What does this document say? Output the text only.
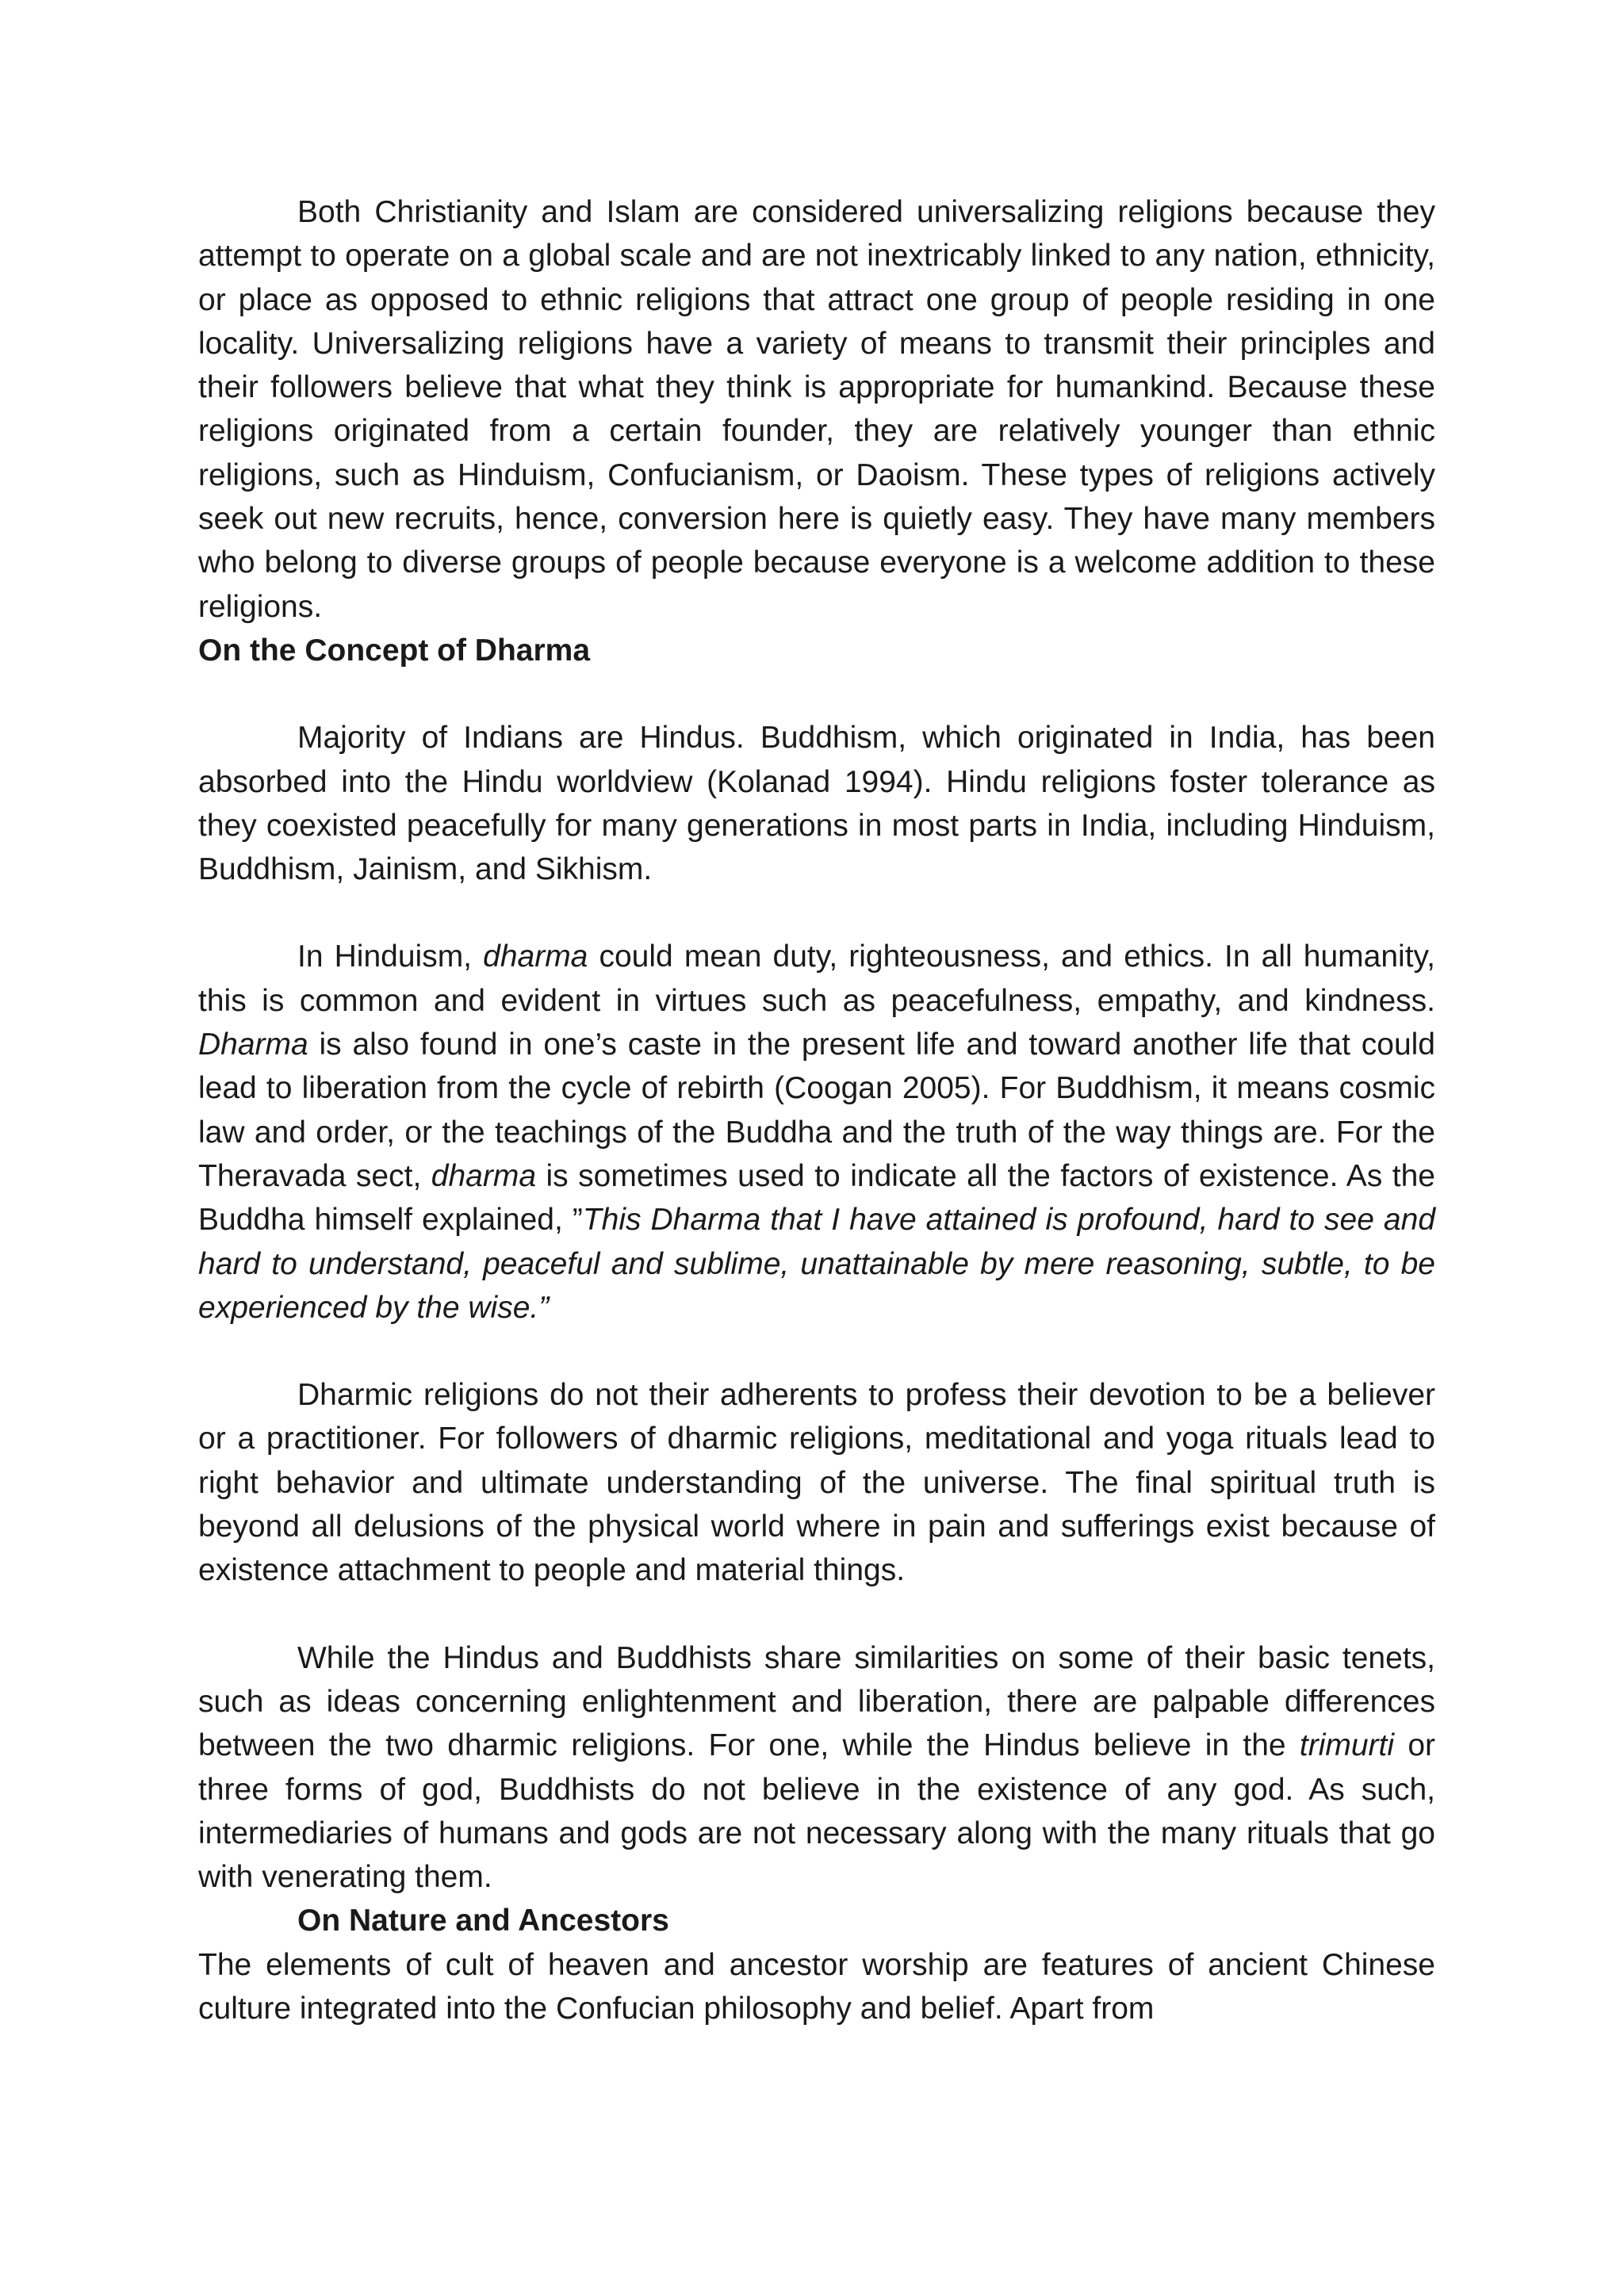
Both Christianity and Islam are considered universalizing religions because they attempt to operate on a global scale and are not inextricably linked to any nation, ethnicity, or place as opposed to ethnic religions that attract one group of people residing in one locality. Universalizing religions have a variety of means to transmit their principles and their followers believe that what they think is appropriate for humankind. Because these religions originated from a certain founder, they are relatively younger than ethnic religions, such as Hinduism, Confucianism, or Daoism. These types of religions actively seek out new recruits, hence, conversion here is quietly easy. They have many members who belong to diverse groups of people because everyone is a welcome addition to these religions.

On the Concept of Dharma

Majority of Indians are Hindus. Buddhism, which originated in India, has been absorbed into the Hindu worldview (Kolanad 1994). Hindu religions foster tolerance as they coexisted peacefully for many generations in most parts in India, including Hinduism, Buddhism, Jainism, and Sikhism.

In Hinduism, dharma could mean duty, righteousness, and ethics. In all humanity, this is common and evident in virtues such as peacefulness, empathy, and kindness. Dharma is also found in one’s caste in the present life and toward another life that could lead to liberation from the cycle of rebirth (Coogan 2005). For Buddhism, it means cosmic law and order, or the teachings of the Buddha and the truth of the way things are. For the Theravada sect, dharma is sometimes used to indicate all the factors of existence. As the Buddha himself explained, ”This Dharma that I have attained is profound, hard to see and hard to understand, peaceful and sublime, unattainable by mere reasoning, subtle, to be experienced by the wise.”

Dharmic religions do not their adherents to profess their devotion to be a believer or a practitioner. For followers of dharmic religions, meditational and yoga rituals lead to right behavior and ultimate understanding of the universe. The final spiritual truth is beyond all delusions of the physical world where in pain and sufferings exist because of existence attachment to people and material things.

While the Hindus and Buddhists share similarities on some of their basic tenets, such as ideas concerning enlightenment and liberation, there are palpable differences between the two dharmic religions. For one, while the Hindus believe in the trimurti or three forms of god, Buddhists do not believe in the existence of any god. As such, intermediaries of humans and gods are not necessary along with the many rituals that go with venerating them.

On Nature and Ancestors

The elements of cult of heaven and ancestor worship are features of ancient Chinese culture integrated into the Confucian philosophy and belief. Apart from
